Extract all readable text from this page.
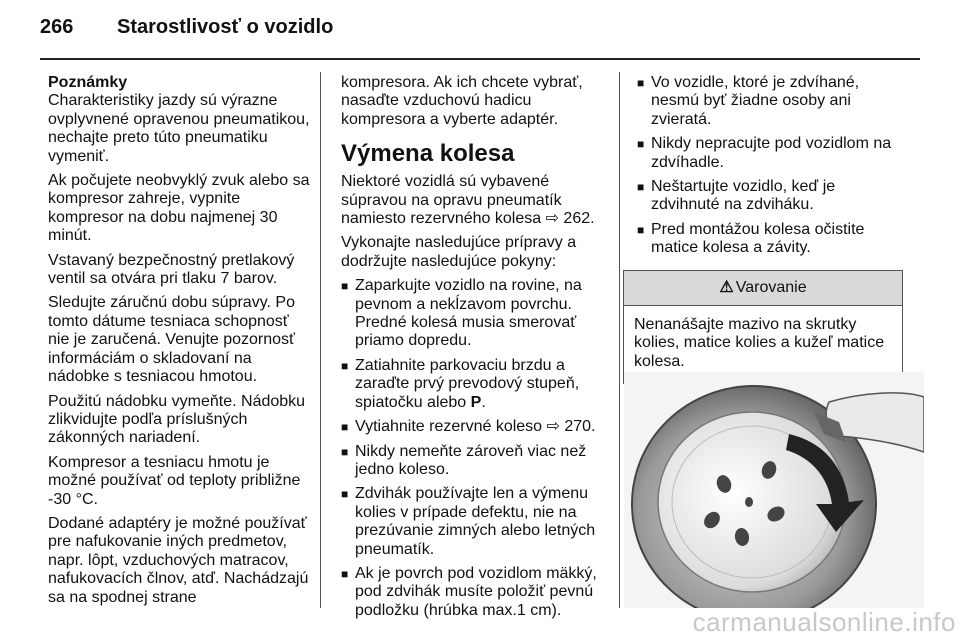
266 Starostlivosť o vozidlo
Poznámky

Charakteristiky jazdy sú výrazne ovplyvnené opravenou pneumatikou, nechajte preto túto pneumatiku vymeniť.

Ak počujete neobvyklý zvuk alebo sa kompresor zahreje, vypnite kompresor na dobu najmenej 30 minút.

Vstavaný bezpečnostný pretlakový ventil sa otvára pri tlaku 7 barov.

Sledujte záručnú dobu súpravy. Po tomto dátume tesniaca schopnosť nie je zaručená. Venujte pozornosť informáciám o skladovaní na nádobke s tesniacou hmotou.

Použitú nádobku vymeňte. Nádobku zlikvidujte podľa príslušných zákonných nariadení.

Kompresor a tesniacu hmotu je možné používať od teploty približne -30 °C.

Dodané adaptéry je možné používať pre nafukovanie iných predmetov, napr. lôpt, vzduchových matracov, nafukovacích člnov, atď. Nachádzajú sa na spodnej strane

kompresora. Ak ich chcete vybrať, nasaďte vzduchovú hadicu kompresora a vyberte adaptér.

Výmena kolesa

Niektoré vozidlá sú vybavené súpravou na opravu pneumatík namiesto rezervného kolesa ⇨ 262.

Vykonajte nasledujúce prípravy a dodržujte nasledujúce pokyny:

■ Zaparkujte vozidlo na rovine, na pevnom a nekĺzavom povrchu. Predné kolesá musia smerovať priamo dopredu.
■ Zatiahnite parkovaciu brzdu a zaraďte prvý prevodový stupeň, spiatočku alebo P.
■ Vytiahnite rezervné koleso ⇨ 270.
■ Nikdy nemeňte zároveň viac než jedno koleso.
■ Zdvihák používajte len a výmenu kolies v prípade defektu, nie na prezúvanie zimných alebo letných pneumatík.
■ Ak je povrch pod vozidlom mäkký, pod zdvihák musíte položiť pevnú podložku (hrúbka max.1 cm).
■ Vo vozidle, ktoré je zdvíhané, nesmú byť žiadne osoby ani zvieratá.
■ Nikdy nepracujte pod vozidlom na zdvíhadle.
■ Neštartujte vozidlo, keď je zdvihnuté na zdviháku.
■ Pred montážou kolesa očistite matice kolesa a závity.
⚠ Varovanie
Nenanášajte mazivo na skrutky kolies, matice kolies a kužeľ matice kolesa.
carmanualsonline.info
